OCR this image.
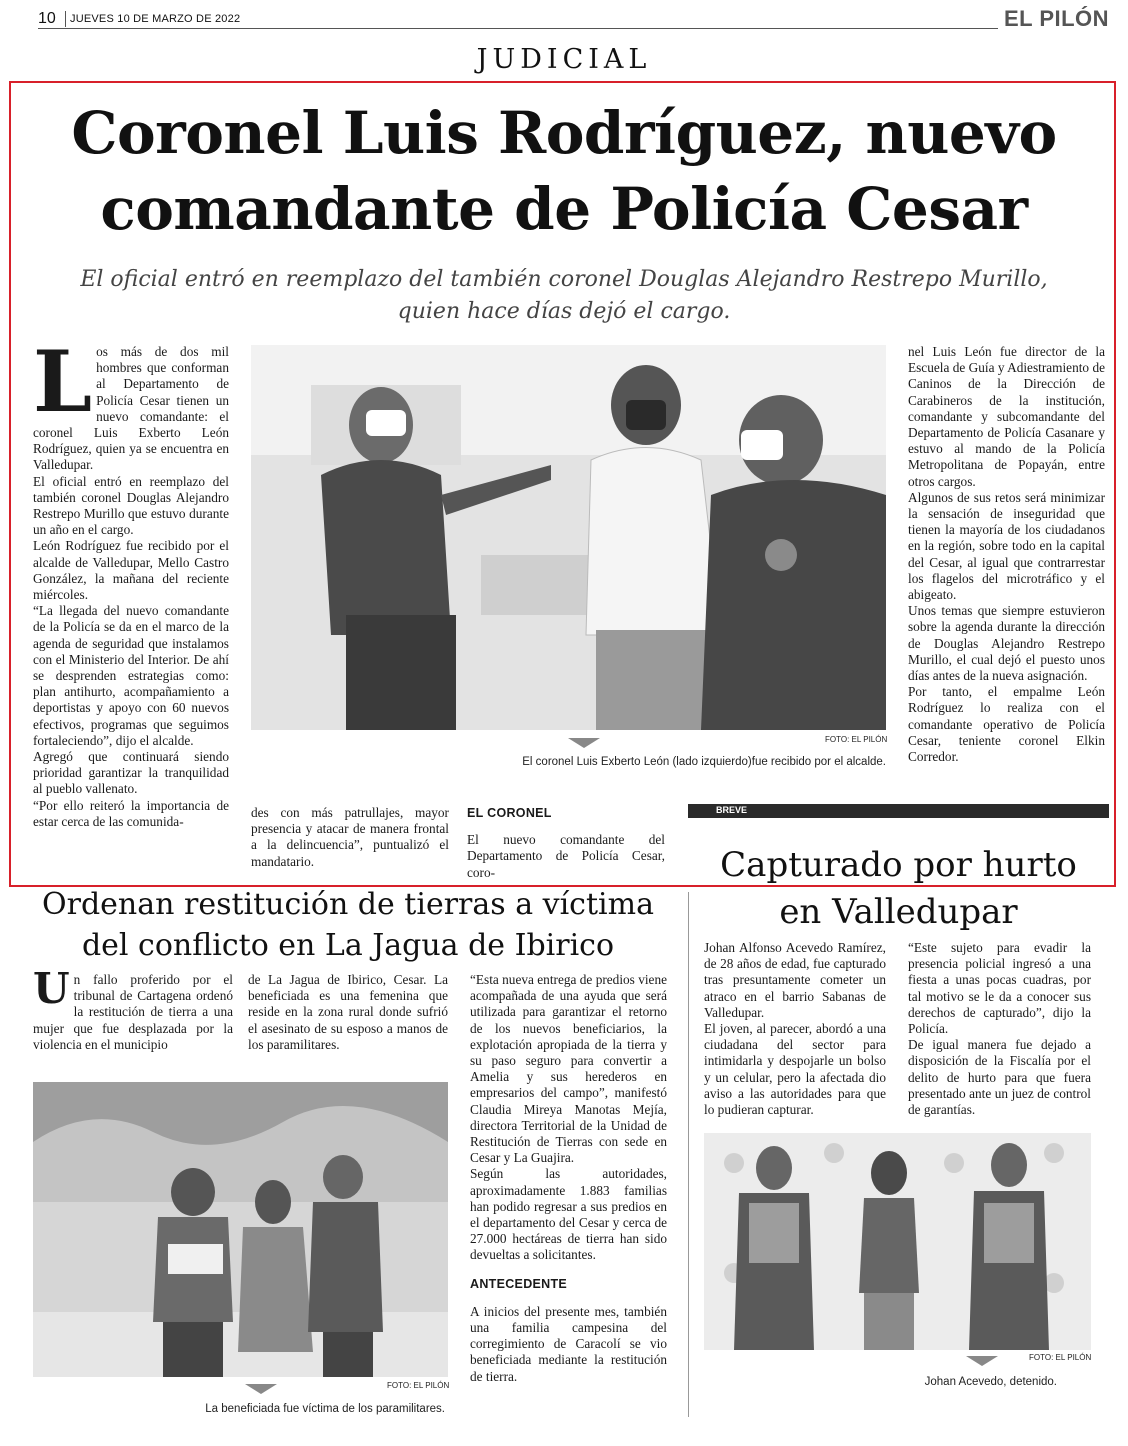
10 JUEVES 10 DE MARZO DE 2022	EL PILÓN
JUDICIAL
Coronel Luis Rodríguez, nuevo
comandante de Policía Cesar
El oficial entró en reemplazo del también coronel Douglas Alejandro Restrepo Murillo,
quien hace días dejó el cargo.

Los más de dos mil hombres que conforman al Departamento de Policía Cesar tienen un nuevo comandante: el coronel Luis Exberto León Rodríguez, quien ya se encuentra en Valledupar.

El oficial entró en reemplazo del también coronel Douglas Alejandro Restrepo Murillo que estuvo durante un año en el cargo.

León Rodríguez fue recibido por el alcalde de Valledupar, Mello Castro González, la mañana del reciente miércoles.

“La llegada del nuevo comandante de la Policía se da en el marco de la agenda de seguridad que instalamos con el Ministerio del Interior. De ahí se desprenden estrategias como: plan antihurto, acompañamiento a deportistas y apoyo con 60 nuevos efectivos, programas que seguimos fortaleciendo”, dijo el alcalde.

Agregó que continuará siendo prioridad garantizar la tranquilidad al pueblo vallenato.

“Por ello reiteró la importancia de estar cerca de las comunida-

FOTO: EL PILÓN
El coronel Luis Exberto León (lado izquierdo)fue recibido por el alcalde.

des con más patrullajes, mayor presencia y atacar de manera frontal a la delincuencia”, puntualizó el mandatario.

EL CORONEL

El nuevo comandante del Departamento de Policía Cesar, coro-

nel Luis León fue director de la Escuela de Guía y Adiestramiento de Caninos de la Dirección de Carabineros de la institución, comandante y subcomandante del Departamento de Policía Casanare y estuvo al mando de la Policía Metropolitana de Popayán, entre otros cargos.

Algunos de sus retos será minimizar la sensación de inseguridad que tienen la mayoría de los ciudadanos en la región, sobre todo en la capital del Cesar, al igual que contrarrestar los flagelos del microtráfico y el abigeato.

Unos temas que siempre estuvieron sobre la agenda durante la dirección de Douglas Alejandro Restrepo Murillo, el cual dejó el puesto unos días antes de la nueva asignación.

Por tanto, el empalme León Rodríguez lo realiza con el comandante operativo de Policía Cesar, teniente coronel Elkin Corredor.

BREVE
Capturado por hurto
en Valledupar

Johan Alfonso Acevedo Ramírez, de 28 años de edad, fue capturado tras presuntamente cometer un atraco en el barrio Sabanas de Valledupar.

El joven, al parecer, abordó a una ciudadana del sector para intimidarla y despojarle un bolso y un celular, pero la afectada dio aviso a las autoridades para que lo pudieran capturar.

“Este sujeto para evadir la presencia policial ingresó a una fiesta a unas pocas cuadras, por tal motivo se le da a conocer sus derechos de capturado”, dijo la Policía.

De igual manera fue dejado a disposición de la Fiscalía por el delito de hurto para que fuera presentado ante un juez de control de garantías.

FOTO: EL PILÓN
Johan Acevedo, detenido.
Ordenan restitución de tierras a víctima
del conflicto en La Jagua de Ibirico

Un fallo proferido por el tribunal de Cartagena ordenó la restitución de tierra a una mujer que fue desplazada por la violencia en el municipio

de La Jagua de Ibirico, Cesar. La beneficiada es una femenina que reside en la zona rural donde sufrió el asesinato de su esposo a manos de los paramilitares.

“Esta nueva entrega de predios viene acompañada de una ayuda que será utilizada para garantizar el retorno de los nuevos beneficiarios, la explotación apropiada de la tierra y su paso seguro para convertir a Amelia y sus herederos en empresarios del campo”, manifestó Claudia Mireya Manotas Mejía, directora Territorial de la Unidad de Restitución de Tierras con sede en Cesar y La Guajira.

Según las autoridades, aproximadamente 1.883 familias han podido regresar a sus predios en el departamento del Cesar y cerca de 27.000 hectáreas de tierra han sido devueltas a solicitantes.

ANTECEDENTE

A inicios del presente mes, también una familia campesina del corregimiento de Caracolí se vio beneficiada mediante la restitución de tierra.

FOTO: EL PILÓN
La beneficiada fue víctima de los paramilitares.
